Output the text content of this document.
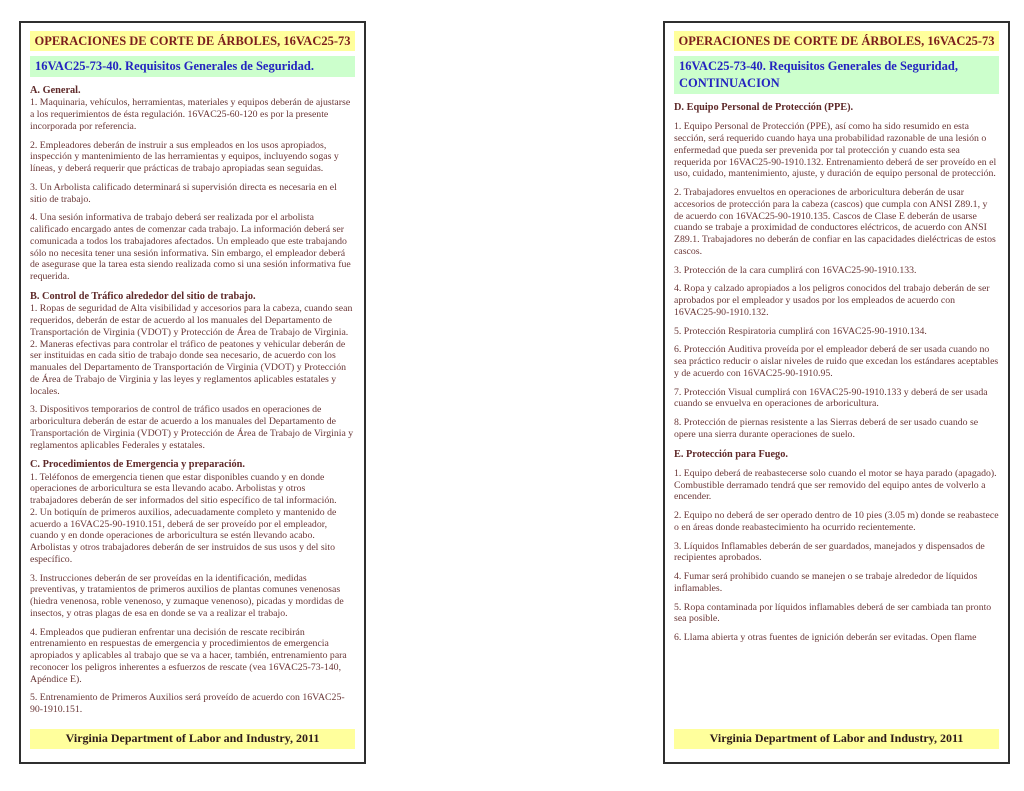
OPERACIONES DE CORTE DE ÁRBOLES, 16VAC25-73
16VAC25-73-40. Requisitos Generales de Seguridad.
A. General.
1. Maquinaria, vehículos, herramientas, materiales y equipos deberán de ajustarse a los requerimientos de ésta regulación. 16VAC25-60-120 es por la presente incorporada por referencia.
2. Empleadores deberán de instruir a sus empleados en los usos apropiados, inspección y mantenimiento de las herramientas y equipos, incluyendo sogas y líneas, y deberá requerir que prácticas de trabajo apropiadas sean seguidas.
3. Un Arbolista calificado determinará si supervisión directa es necesaria en el sitio de trabajo.
4. Una sesión informativa de trabajo deberá ser realizada por el arbolista calificado encargado antes de comenzar cada trabajo. La información deberá ser comunicada a todos los trabajadores afectados. Un empleado que este trabajando sólo no necesita tener una sesión informativa. Sin embargo, el empleador deberá de asegurase que la tarea esta siendo realizada como si una sesión informativa fue requerida.
B. Control de Tráfico alrededor del sitio de trabajo.
1. Ropas de seguridad de Alta visibilidad y accesorios para la cabeza, cuando sean requeridos, deberán de estar de acuerdo al los manuales del Departamento de Transportación de Virginia (VDOT) y Protección de Área de Trabajo de Virginia.
2. Maneras efectivas para controlar el tráfico de peatones y vehicular deberán de ser instituidas en cada sitio de trabajo donde sea necesario, de acuerdo con los manuales del Departamento de Transportación de Virginia (VDOT) y Protección de Área de Trabajo de Virginia y las leyes y reglamentos aplicables estatales y locales.
3. Dispositivos temporarios de control de tráfico usados en operaciones de arboricultura deberán de estar de acuerdo a los manuales del Departamento de Transportación de Virginia (VDOT) y Protección de Área de Trabajo de Virginia y reglamentos aplicables Federales y estatales.
C. Procedimientos de Emergencia y preparación.
1. Teléfonos de emergencia tienen que estar disponibles cuando y en donde operaciones de arboricultura se esta llevando acabo. Arbolistas y otros trabajadores deberán de ser informados del sitio específico de tal información.
2. Un botiquín de primeros auxilios, adecuadamente completo y mantenido de acuerdo a 16VAC25-90-1910.151, deberá de ser proveído por el empleador, cuando y en donde operaciones de arboricultura se estén llevando acabo. Arbolistas y otros trabajadores deberán de ser instruidos de sus usos y del sito específico.
3. Instrucciones deberán de ser proveídas en la identificación, medidas preventivas, y tratamientos de primeros auxilios de plantas comunes venenosas (hiedra venenosa, roble venenoso, y zumaque venenoso), picadas y mordidas de insectos, y otras plagas de esa en donde se va a realizar el trabajo.
4. Empleados que pudieran enfrentar una decisión de rescate recibirán entrenamiento en respuestas de emergencia y procedimientos de emergencia apropiados y aplicables al trabajo que se va a hacer, también, entrenamiento para reconocer los peligros inherentes a esfuerzos de rescate (vea 16VAC25-73-140, Apéndice E).
5. Entrenamiento de Primeros Auxilios será proveído de acuerdo con 16VAC25-90-1910.151.
Virginia Department of Labor and Industry, 2011
OPERACIONES DE CORTE DE ÁRBOLES, 16VAC25-73
16VAC25-73-40. Requisitos Generales de Seguridad,
CONTINUACION
D. Equipo Personal de Protección (PPE).
1. Equipo Personal de Protección (PPE), así como ha sido resumido en esta sección, será requerido cuando haya una probabilidad razonable de una lesión o enfermedad que pueda ser prevenida por tal protección y cuando esta sea requerida por 16VAC25-90-1910.132. Entrenamiento deberá de ser proveído en el uso, cuidado, mantenimiento, ajuste, y duración de equipo personal de protección.
2. Trabajadores envueltos en operaciones de arboricultura deberán de usar accesorios de protección para la cabeza (cascos) que cumpla con ANSI Z89.1, y de acuerdo con 16VAC25-90-1910.135. Cascos de Clase E deberán de usarse cuando se trabaje a proximidad de conductores eléctricos, de acuerdo con ANSI Z89.1. Trabajadores no deberán de confiar en las capacidades dieléctricas de estos cascos.
3. Protección de la cara cumplirá con 16VAC25-90-1910.133.
4. Ropa y calzado apropiados a los peligros conocidos del trabajo deberán de ser aprobados por el empleador y usados por los empleados de acuerdo con 16VAC25-90-1910.132.
5. Protección Respiratoria cumplirá con 16VAC25-90-1910.134.
6. Protección Auditiva proveída por el empleador deberá de ser usada cuando no sea práctico reducir o aislar niveles de ruido que excedan los estándares aceptables y de acuerdo con 16VAC25-90-1910.95.
7. Protección Visual cumplirá con 16VAC25-90-1910.133 y deberá de ser usada cuando se envuelva en operaciones de arboricultura.
8. Protección de piernas resistente a las Sierras deberá de ser usado cuando se opere una sierra durante operaciones de suelo.
E. Protección para Fuego.
1. Equipo deberá de reabastecerse solo cuando el motor se haya parado (apagado). Combustible derramado tendrá que ser removido del equipo antes de volverlo a encender.
2. Equipo no deberá de ser operado dentro de 10 pies (3.05 m) donde se reabastece o en áreas donde reabastecimiento ha ocurrido recientemente.
3. Líquidos Inflamables deberán de ser guardados, manejados y dispensados de recipientes aprobados.
4. Fumar será prohibido cuando se manejen o se trabaje alrededor de líquidos inflamables.
5. Ropa contaminada por líquidos inflamables deberá de ser cambiada tan pronto sea posible.
6. Llama abierta y otras fuentes de ignición deberán ser evitadas. Open flame
Virginia Department of Labor and Industry, 2011
